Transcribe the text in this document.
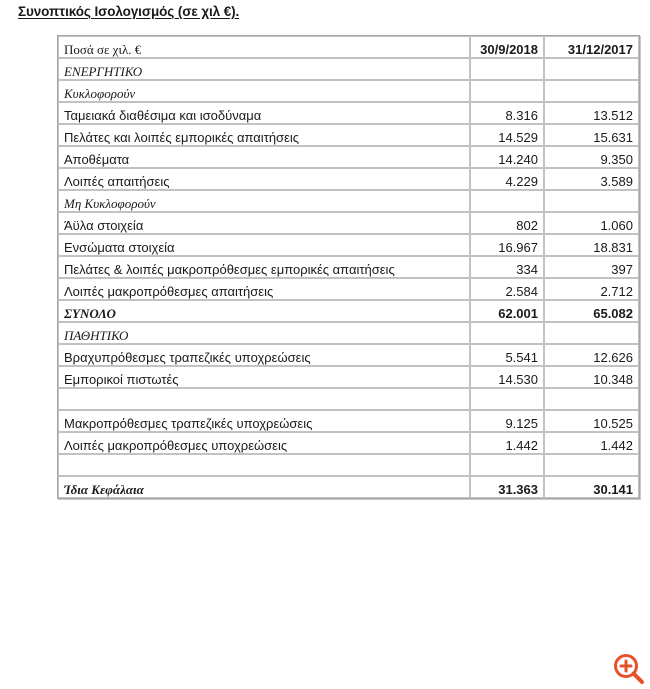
Συνοπτικός Ισολογισμός (σε χιλ €).
Ποσά σε χιλ. €	30/9/2018	31/12/2017
ΕΝΕΡΓΗΤΙΚΟ		
Κυκλοφορούν		
Ταμειακά διαθέσιμα και ισοδύναμα	8.316	13.512
Πελάτες και λοιπές εμπορικές απαιτήσεις	14.529	15.631
Αποθέματα	14.240	9.350
Λοιπές απαιτήσεις	4.229	3.589
Μη Κυκλοφορούν		
Άϋλα στοιχεία	802	1.060
Ενσώματα στοιχεία	16.967	18.831
Πελάτες & λοιπές μακροπρόθεσμες εμπορικές απαιτήσεις	334	397
Λοιπές μακροπρόθεσμες απαιτήσεις	2.584	2.712
ΣΥΝΟΛΟ	62.001	65.082
ΠΑΘΗΤΙΚΟ		
Βραχυπρόθεσμες τραπεζικές υποχρεώσεις	5.541	12.626
Εμπορικοί πιστωτές	14.530	10.348

Μακροπρόθεσμες τραπεζικές υποχρεώσεις	9.125	10.525
Λοιπές μακροπρόθεσμες υποχρεώσεις	1.442	1.442

Ίδια Κεφάλαια	31.363	30.141
